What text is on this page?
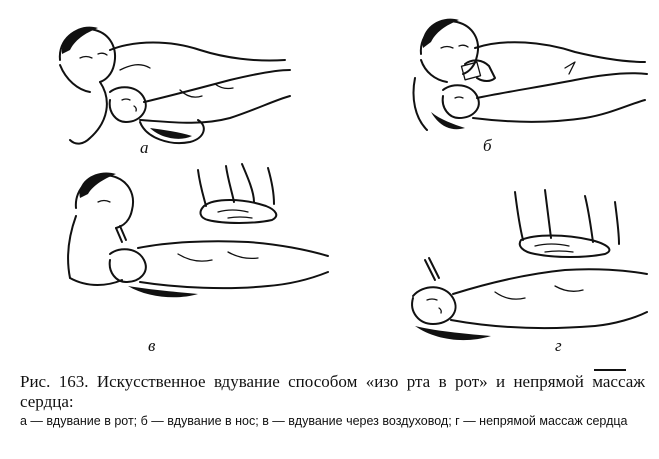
а	б
в	г
Рис. 163. Искусственное вдувание способом «изо рта в рот» и непрямой массаж сердца:
а — вдувание в рот; б — вдувание в нос; в — вдувание через воздуховод; г — непрямой массаж сердца
